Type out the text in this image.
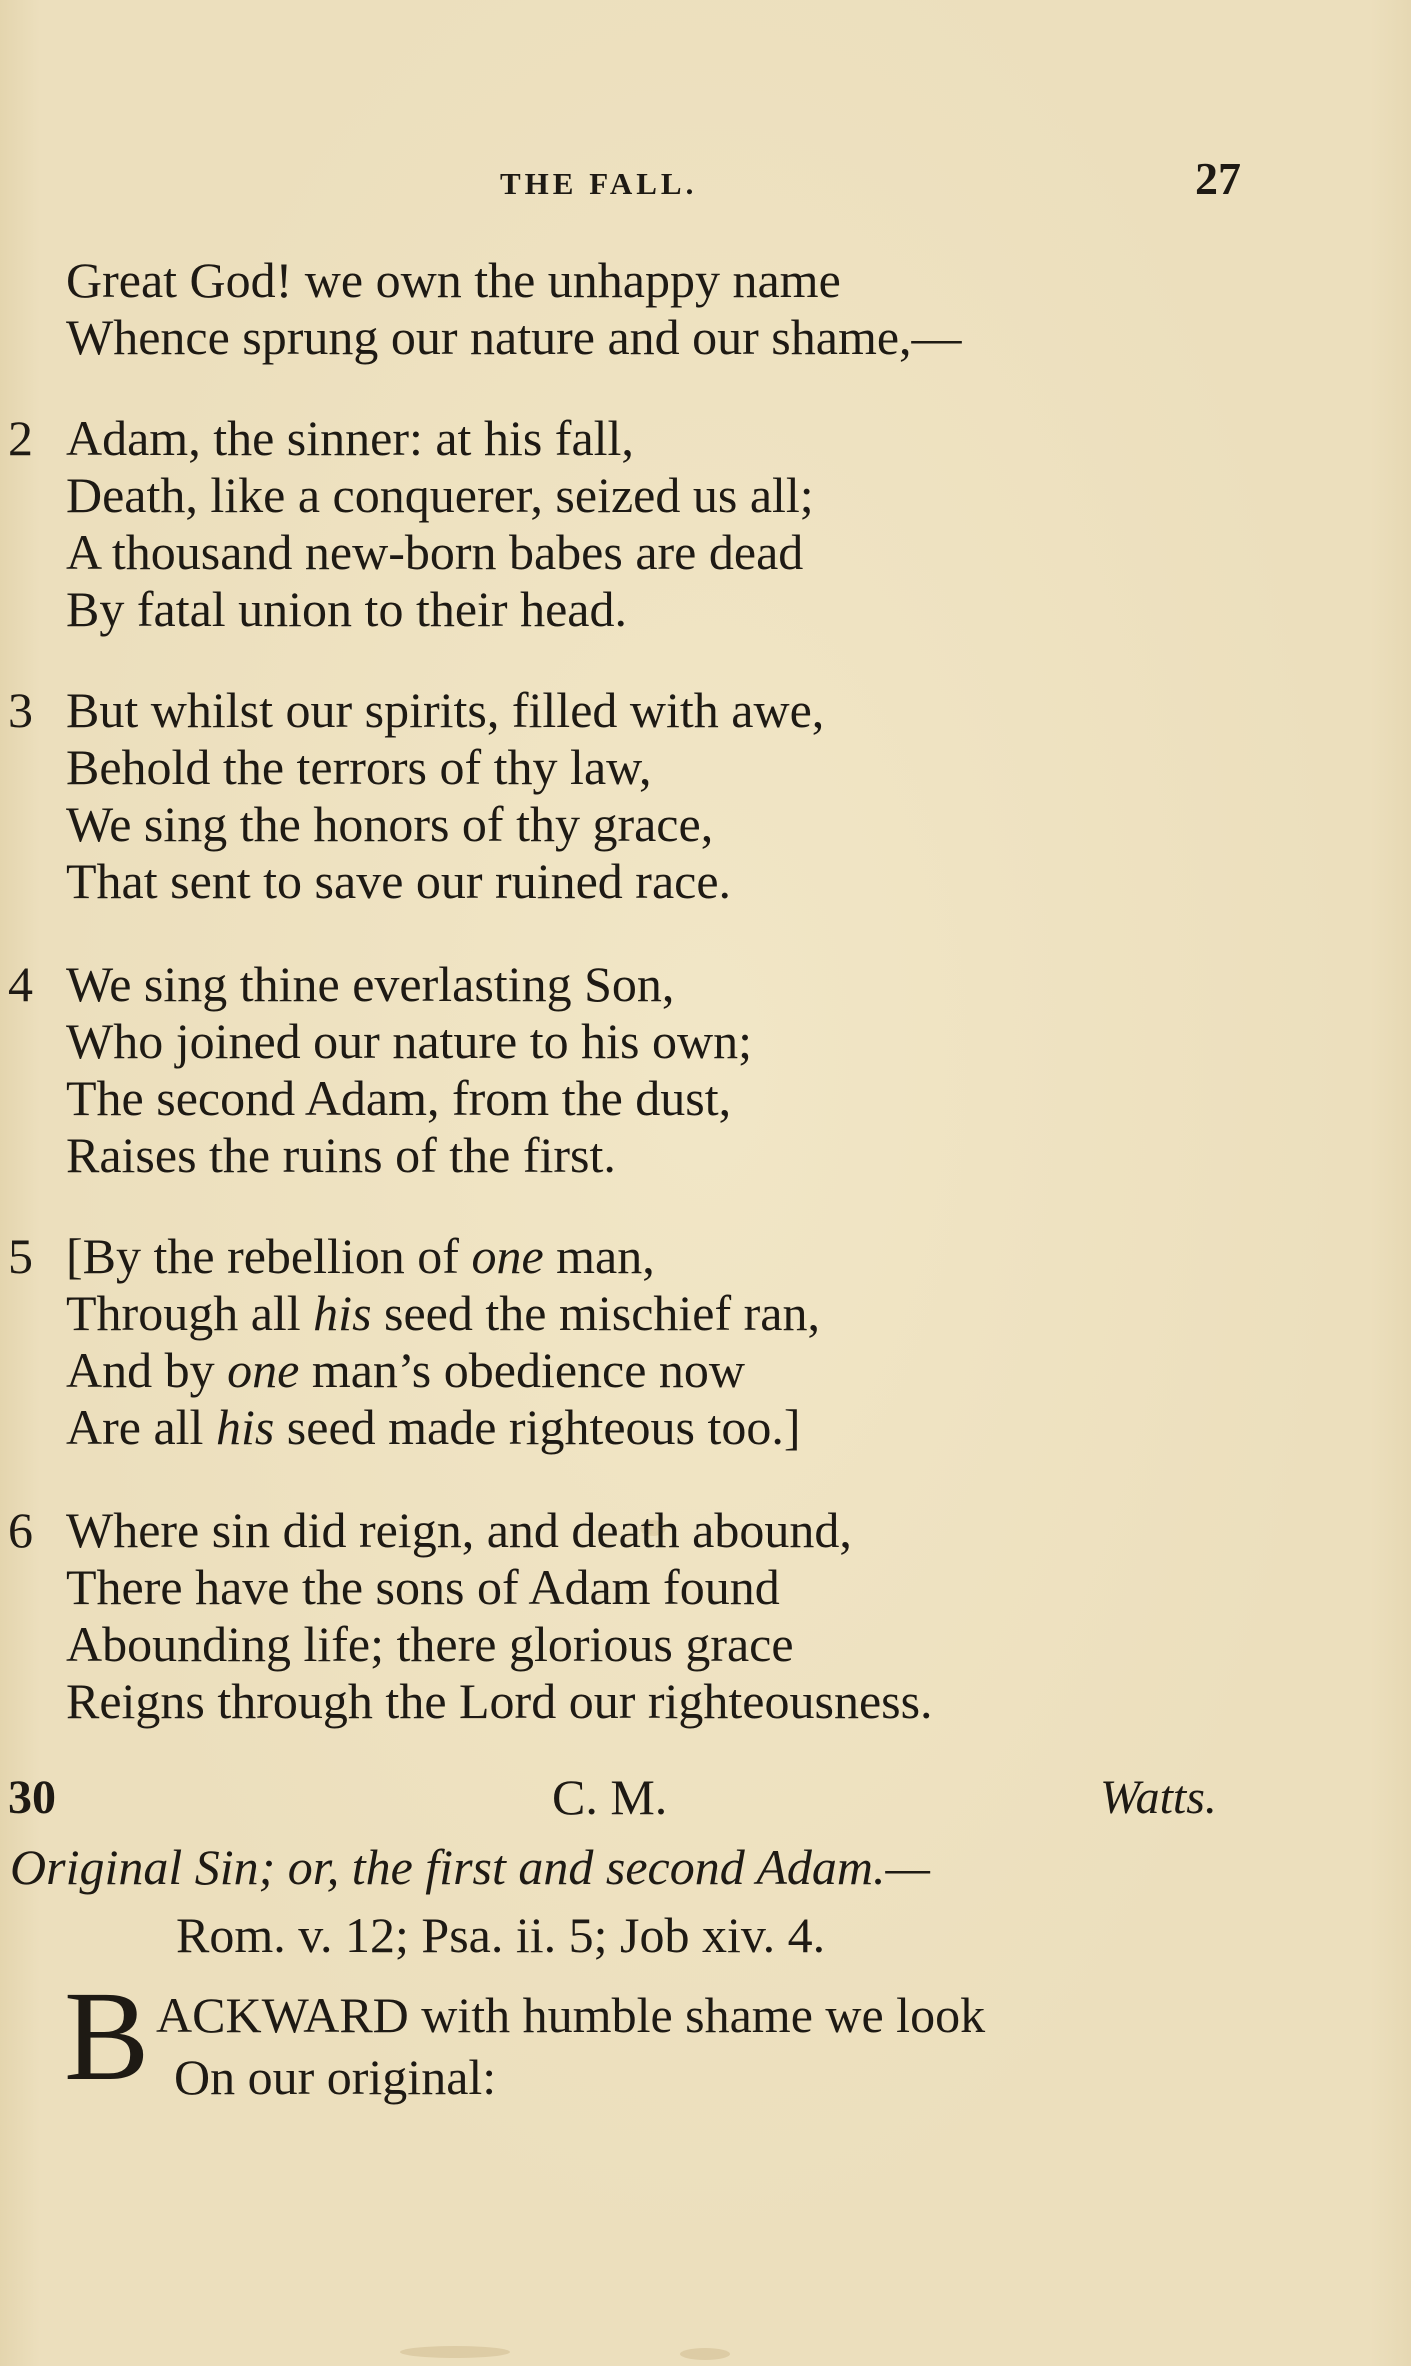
THE FALL.	27
Great God! we own the unhappy name
Whence sprung our nature and our shame,—
2 Adam, the sinner: at his fall,
Death, like a conquerer, seized us all;
A thousand new-born babes are dead
By fatal union to their head.
3 But whilst our spirits, filled with awe,
Behold the terrors of thy law,
We sing the honors of thy grace,
That sent to save our ruined race.
4 We sing thine everlasting Son,
Who joined our nature to his own;
The second Adam, from the dust,
Raises the ruins of the first.
5 [By the rebellion of one man,
Through all his seed the mischief ran,
And by one man’s obedience now
Are all his seed made righteous too.]
6 Where sin did reign, and death abound,
There have the sons of Adam found
Abounding life; there glorious grace
Reigns through the Lord our righteousness.
30	C. M.	Watts.
Original Sin; or, the first and second Adam.—
Rom. v. 12; Psa. ii. 5; Job xiv. 4.
B ACKWARD with humble shame we look
On our original:
